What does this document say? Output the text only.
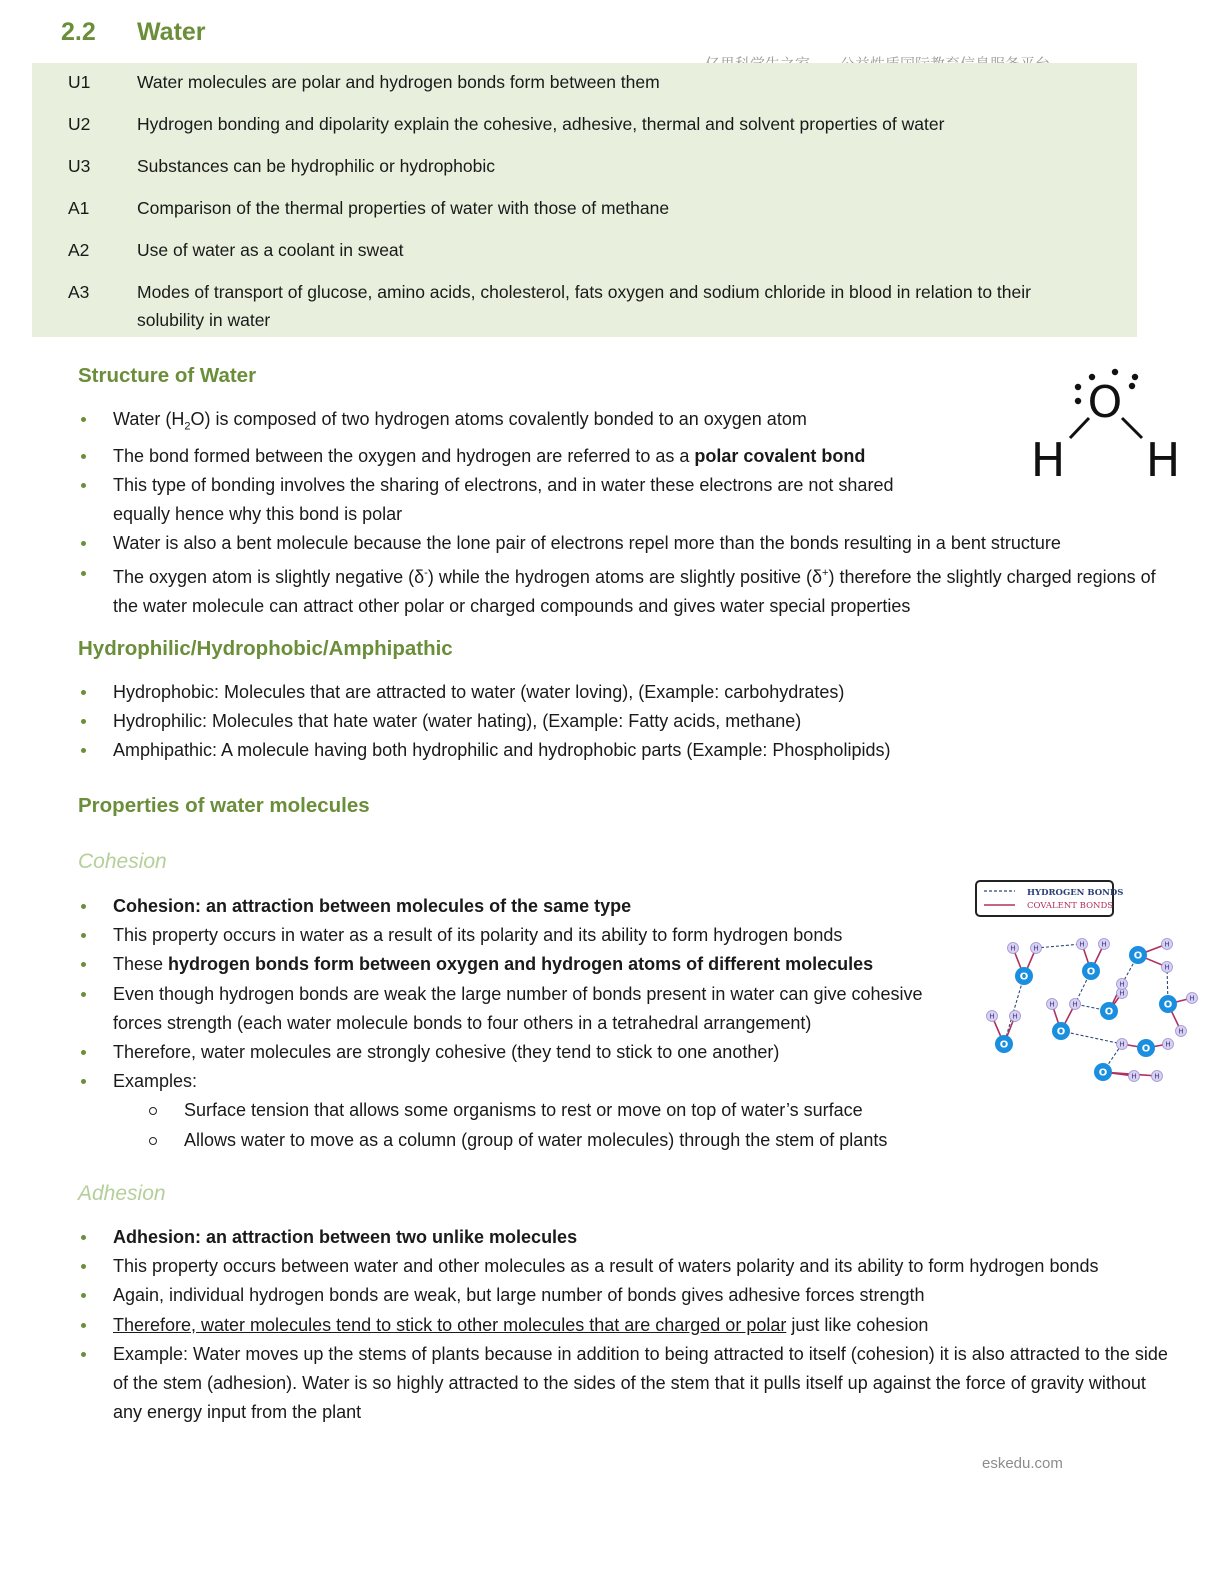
2.2 Water
U1	Water molecules are polar and hydrogen bonds form between them
U2	Hydrogen bonding and dipolarity explain the cohesive, adhesive, thermal and solvent properties of water
U3	Substances can be hydrophilic or hydrophobic
A1	Comparison of the thermal properties of water with those of methane
A2	Use of water as a coolant in sweat
A3	Modes of transport of glucose, amino acids, cholesterol, fats oxygen and sodium chloride in blood in relation to their solubility in water
Structure of Water
Water $(H_2O)$ is composed of two hydrogen atoms covalently bonded to an oxygen atom
The bond formed between the oxygen and hydrogen are referred to as a polar covalent bond
This type of bonding involves the sharing of electrons, and in water these electrons are not shared
equally hence why this bond is polar
Water is also a bent molecule because the lone pair of electrons repel more than the bonds resulting in a bent structure
The oxygen atom is slightly negative (δ-) while the hydrogen atoms are slightly positive (δ+) therefore the slightly charged regions of the water molecule can attract other polar or charged compounds and gives water special properties
O
H H
Hydrophilic/Hydrophobic/Amphipathic
Hydrophobic: Molecules that are attracted to water (water loving), (Example: carbohydrates)
Hydrophilic: Molecules that hate water (water hating), (Example: Fatty acids, methane)
Amphipathic: A molecule having both hydrophilic and hydrophobic parts (Example: Phospholipids)
Properties of water molecules
Cohesion
Cohesion: an attraction between molecules of the same type
This property occurs in water as a result of its polarity and its ability to form hydrogen bonds
These hydrogen bonds form between oxygen and hydrogen atoms of different molecules
Even though hydrogen bonds are weak the large number of bonds present in water can give cohesive forces strength (each water molecule bonds to four others in a tetrahedral arrangement)
Therefore, water molecules are strongly cohesive (they tend to stick to one another)
Examples:
Surface tension that allows some organisms to rest or move on top of water’s surface
Allows water to move as a column (group of water molecules) through the stem of plants
HYDROGEN BONDS
COVALENT BONDS
H	H
O
H H
O
H
H
O
H	H
O
H	H
O
H
H
O
H
H
O
H	H
O
H	H
O
Adhesion
Adhesion: an attraction between two unlike molecules
This property occurs between water and other molecules as a result of waters polarity and its ability to form hydrogen bonds
Again, individual hydrogen bonds are weak, but large number of bonds gives adhesive forces strength
Therefore, water molecules tend to stick to other molecules that are charged or polar just like cohesion
Example: Water moves up the stems of plants because in addition to being attracted to itself (cohesion) it is also attracted to the side of the stem (adhesion). Water is so highly attracted to the sides of the stem that it pulls itself up against the force of gravity without any energy input from the plant
eskedu.com
